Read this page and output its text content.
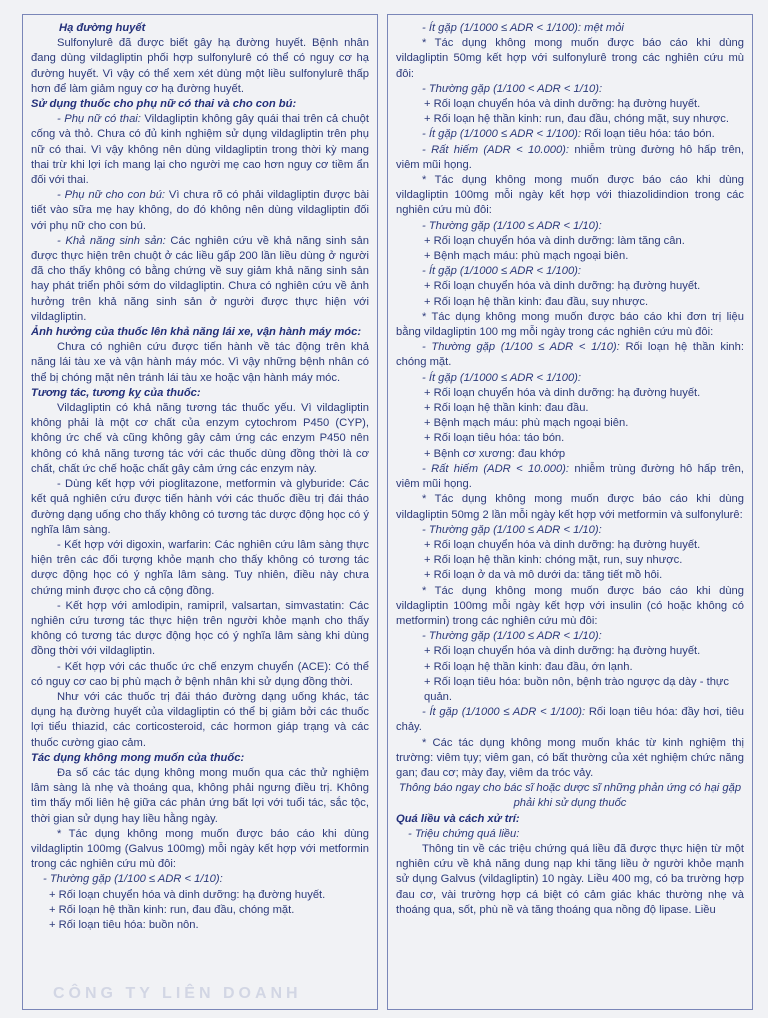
Hạ đường huyết

Sulfonylurê đã được biết gây hạ đường huyết. Bệnh nhân đang dùng vildagliptin phối hợp sulfonylurê có thể có nguy cơ hạ đường huyết. Vì vậy có thể xem xét dùng một liều sulfonylurê thấp hơn để làm giảm nguy cơ hạ đường huyết.

Sử dụng thuốc cho phụ nữ có thai và cho con bú:

- Phụ nữ có thai: Vildagliptin không gây quái thai trên cả chuột cống và thỏ. Chưa có đủ kinh nghiệm sử dụng vildagliptin trên phụ nữ có thai. Vì vậy không nên dùng vildagliptin trong thời kỳ mang thai trừ khi lợi ích mang lại cho người mẹ cao hơn nguy cơ tiềm ẩn đối với thai.

- Phụ nữ cho con bú: Vì chưa rõ có phải vildagliptin được bài tiết vào sữa mẹ hay không, do đó không nên dùng vildagliptin đối với phụ nữ cho con bú.

- Khả năng sinh sản: Các nghiên cứu về khả năng sinh sản được thực hiện trên chuột ở các liều gấp 200 lần liều dùng ở người đã cho thấy không có bằng chứng về suy giảm khả năng sinh sản hay phát triển phôi sớm do vildagliptin. Chưa có nghiên cứu về ảnh hưởng trên khả năng sinh sản ở người được thực hiện với vildagliptin.

Ảnh hưởng của thuốc lên khả năng lái xe, vận hành máy móc:

Chưa có nghiên cứu được tiến hành về tác động trên khả năng lái tàu xe và vận hành máy móc. Vì vậy những bệnh nhân có thể bị chóng mặt nên tránh lái tàu xe hoặc vận hành máy móc.

Tương tác, tương kỵ của thuốc:

Vildagliptin có khả năng tương tác thuốc yếu. Vì vildagliptin không phải là một cơ chất của enzym cytochrom P450 (CYP), không ức chế và cũng không gây cảm ứng các enzym P450 nên không có khả năng tương tác với các thuốc dùng đồng thời là cơ chất, chất ức chế hoặc chất gây cảm ứng các enzym này.

- Dùng kết hợp với pioglitazone, metformin và glyburide: Các kết quả nghiên cứu được tiến hành với các thuốc điều trị đái tháo đường dạng uống cho thấy không có tương tác dược động học có ý nghĩa lâm sàng.

- Kết hợp với digoxin, warfarin: Các nghiên cứu lâm sàng thực hiện trên các đối tượng khỏe mạnh cho thấy không có tương tác dược động học có ý nghĩa lâm sàng. Tuy nhiên, điều này chưa chứng minh được cho cả cộng đồng.

- Kết hợp với amlodipin, ramipril, valsartan, simvastatin: Các nghiên cứu tương tác thực hiện trên người khỏe mạnh cho thấy không có tương tác dược động học có ý nghĩa lâm sàng khi dùng đồng thời với vildagliptin.

- Kết hợp với các thuốc ức chế enzym chuyển (ACE): Có thể có nguy cơ cao bị phù mạch ở bệnh nhân khi sử dụng đồng thời.

Như với các thuốc trị đái tháo đường dạng uống khác, tác dụng hạ đường huyết của vildagliptin có thể bị giảm bởi các thuốc lợi tiểu thiazid, các corticosteroid, các hormon giáp trạng và các thuốc cường giao cảm.

Tác dụng không mong muốn của thuốc:

Đa số các tác dụng không mong muốn qua các thử nghiệm lâm sàng là nhẹ và thoáng qua, không phải ngưng điều trị. Không tìm thấy mối liên hệ giữa các phản ứng bất lợi với tuổi tác, sắc tộc, thời gian sử dụng hay liều hằng ngày.

* Tác dụng không mong muốn được báo cáo khi dùng vildagliptin 100mg (Galvus 100mg) mỗi ngày kết hợp với metformin trong các nghiên cứu mù đôi:

- Thường gặp (1/100 ≤ ADR < 1/10):

+ Rối loạn chuyển hóa và dinh dưỡng: hạ đường huyết.

+ Rối loạn hệ thần kinh: run, đau đầu, chóng mặt.

+ Rối loạn tiêu hóa: buồn nôn.

CÔNG TY LIÊN DOANH

- Ít gặp (1/1000 ≤ ADR < 1/100): mệt mỏi

* Tác dụng không mong muốn được báo cáo khi dùng vildagliptin 50mg kết hợp với sulfonylurê trong các nghiên cứu mù đôi:

- Thường gặp (1/100 < ADR < 1/10):

+ Rối loạn chuyển hóa và dinh dưỡng: hạ đường huyết.

+ Rối loạn hệ thần kinh: run, đau đầu, chóng mặt, suy nhược.

- Ít gặp (1/1000 ≤ ADR < 1/100): Rối loạn tiêu hóa: táo bón.

- Rất hiếm (ADR < 10.000): nhiễm trùng đường hô hấp trên, viêm mũi họng.

* Tác dụng không mong muốn được báo cáo khi dùng vildagliptin 100mg mỗi ngày kết hợp với thiazolidindion trong các nghiên cứu mù đôi:

- Thường gặp (1/100 ≤ ADR < 1/10):

+ Rối loạn chuyển hóa và dinh dưỡng: làm tăng cân.

+ Bệnh mạch máu: phù mạch ngoại biên.

- Ít gặp (1/1000 ≤ ADR < 1/100):

+ Rối loạn chuyển hóa và dinh dưỡng: hạ đường huyết.

+ Rối loạn hệ thần kinh: đau đầu, suy nhược.

* Tác dụng không mong muốn được báo cáo khi đơn trị liệu bằng vildagliptin 100 mg mỗi ngày trong các nghiên cứu mù đôi:

- Thường gặp (1/100 ≤ ADR < 1/10): Rối loạn hệ thần kinh: chóng mặt.

- Ít gặp (1/1000 ≤ ADR < 1/100):

+ Rối loạn chuyển hóa và dinh dưỡng: hạ đường huyết.

+ Rối loạn hệ thần kinh: đau đầu.

+ Bệnh mạch máu: phù mạch ngoại biên.

+ Rối loạn tiêu hóa: táo bón.

+ Bệnh cơ xương: đau khớp

- Rất hiếm (ADR < 10.000): nhiễm trùng đường hô hấp trên, viêm mũi họng.

* Tác dụng không mong muốn được báo cáo khi dùng vildagliptin 50mg 2 lần mỗi ngày kết hợp với metformin và sulfonylurê:

- Thường gặp (1/100 ≤ ADR < 1/10):

+ Rối loạn chuyển hóa và dinh dưỡng: hạ đường huyết.

+ Rối loạn hệ thần kinh: chóng mặt, run, suy nhược.

+ Rối loạn ở da và mô dưới da: tăng tiết mồ hôi.

* Tác dụng không mong muốn được báo cáo khi dùng vildagliptin 100mg mỗi ngày kết hợp với insulin (có hoặc không có metformin) trong các nghiên cứu mù đôi:

- Thường gặp (1/100 ≤ ADR < 1/10):

+ Rối loạn chuyển hóa và dinh dưỡng: hạ đường huyết.

+ Rối loạn hệ thần kinh: đau đầu, ớn lạnh.

+ Rối loạn tiêu hóa: buồn nôn, bệnh trào ngược dạ dày - thực quản.

- Ít gặp (1/1000 ≤ ADR < 1/100): Rối loạn tiêu hóa: đầy hơi, tiêu chảy.

* Các tác dụng không mong muốn khác từ kinh nghiệm thị trường: viêm tụy; viêm gan, có bất thường của xét nghiệm chức năng gan; đau cơ; mày đay, viêm da tróc vảy.

Thông báo ngay cho bác sĩ hoặc dược sĩ những phản ứng có hại gặp phải khi sử dụng thuốc

Quá liều và cách xử trí:

- Triệu chứng quá liều:

Thông tin về các triệu chứng quá liều đã được thực hiện từ một nghiên cứu về khả năng dung nạp khi tăng liều ở người khỏe mạnh sử dụng Galvus (vildagliptin) 10 ngày. Liều 400 mg, có ba trường hợp đau cơ, vài trường hợp cá biệt có cảm giác khác thường nhẹ và thoáng qua, sốt, phù nề và tăng thoáng qua nồng độ lipase. Liều
